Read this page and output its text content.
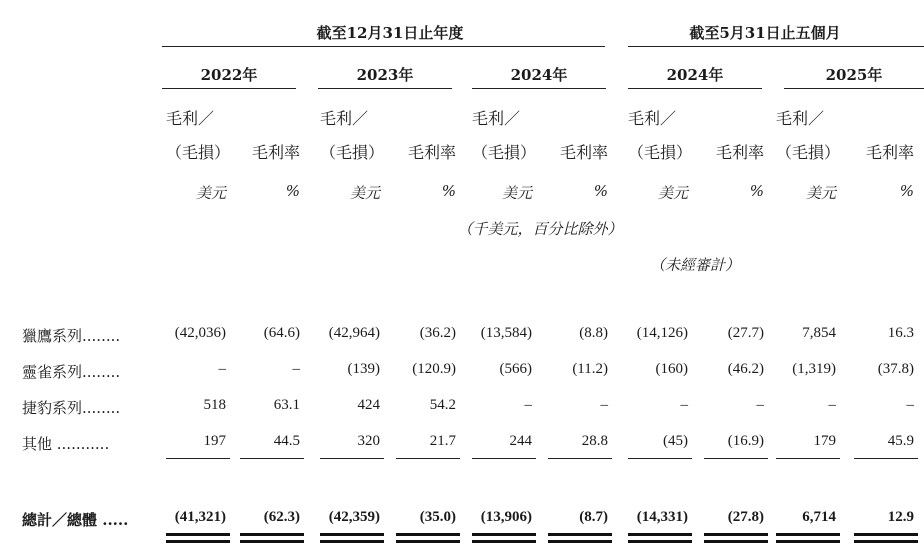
截至12月31日止年度	截至5月31日止五個月
2022年	2023年	2024年	2024年	2025年
毛利／
（毛損）	毛利率
美元	%
毛利／
（毛損）	毛利率
美元	%
毛利／
（毛損）	毛利率
美元	%
毛利／
（毛損）	毛利率
美元	%
毛利／
（毛損）	毛利率
美元	%
（千美元，百分比除外）
（未經審計）
獵鷹系列........	(42,036)	(64.6)	(42,964)	(36.2)	(13,584)	(8.8)	(14,126)	(27.7)	7,854	16.3
靈雀系列........	–	–	(139)	(120.9)	(566)	(11.2)	(160)	(46.2)	(1,319)	(37.8)
捷豹系列........	518	63.1	424	54.2	–	–	–	–	–	–
其他 ...........	197	44.5	320	21.7	244	28.8	(45)	(16.9)	179	45.9
總計／總體 .....	(41,321)	(62.3)	(42,359)	(35.0)	(13,906)	(8.7)	(14,331)	(27.8)	6,714	12.9
